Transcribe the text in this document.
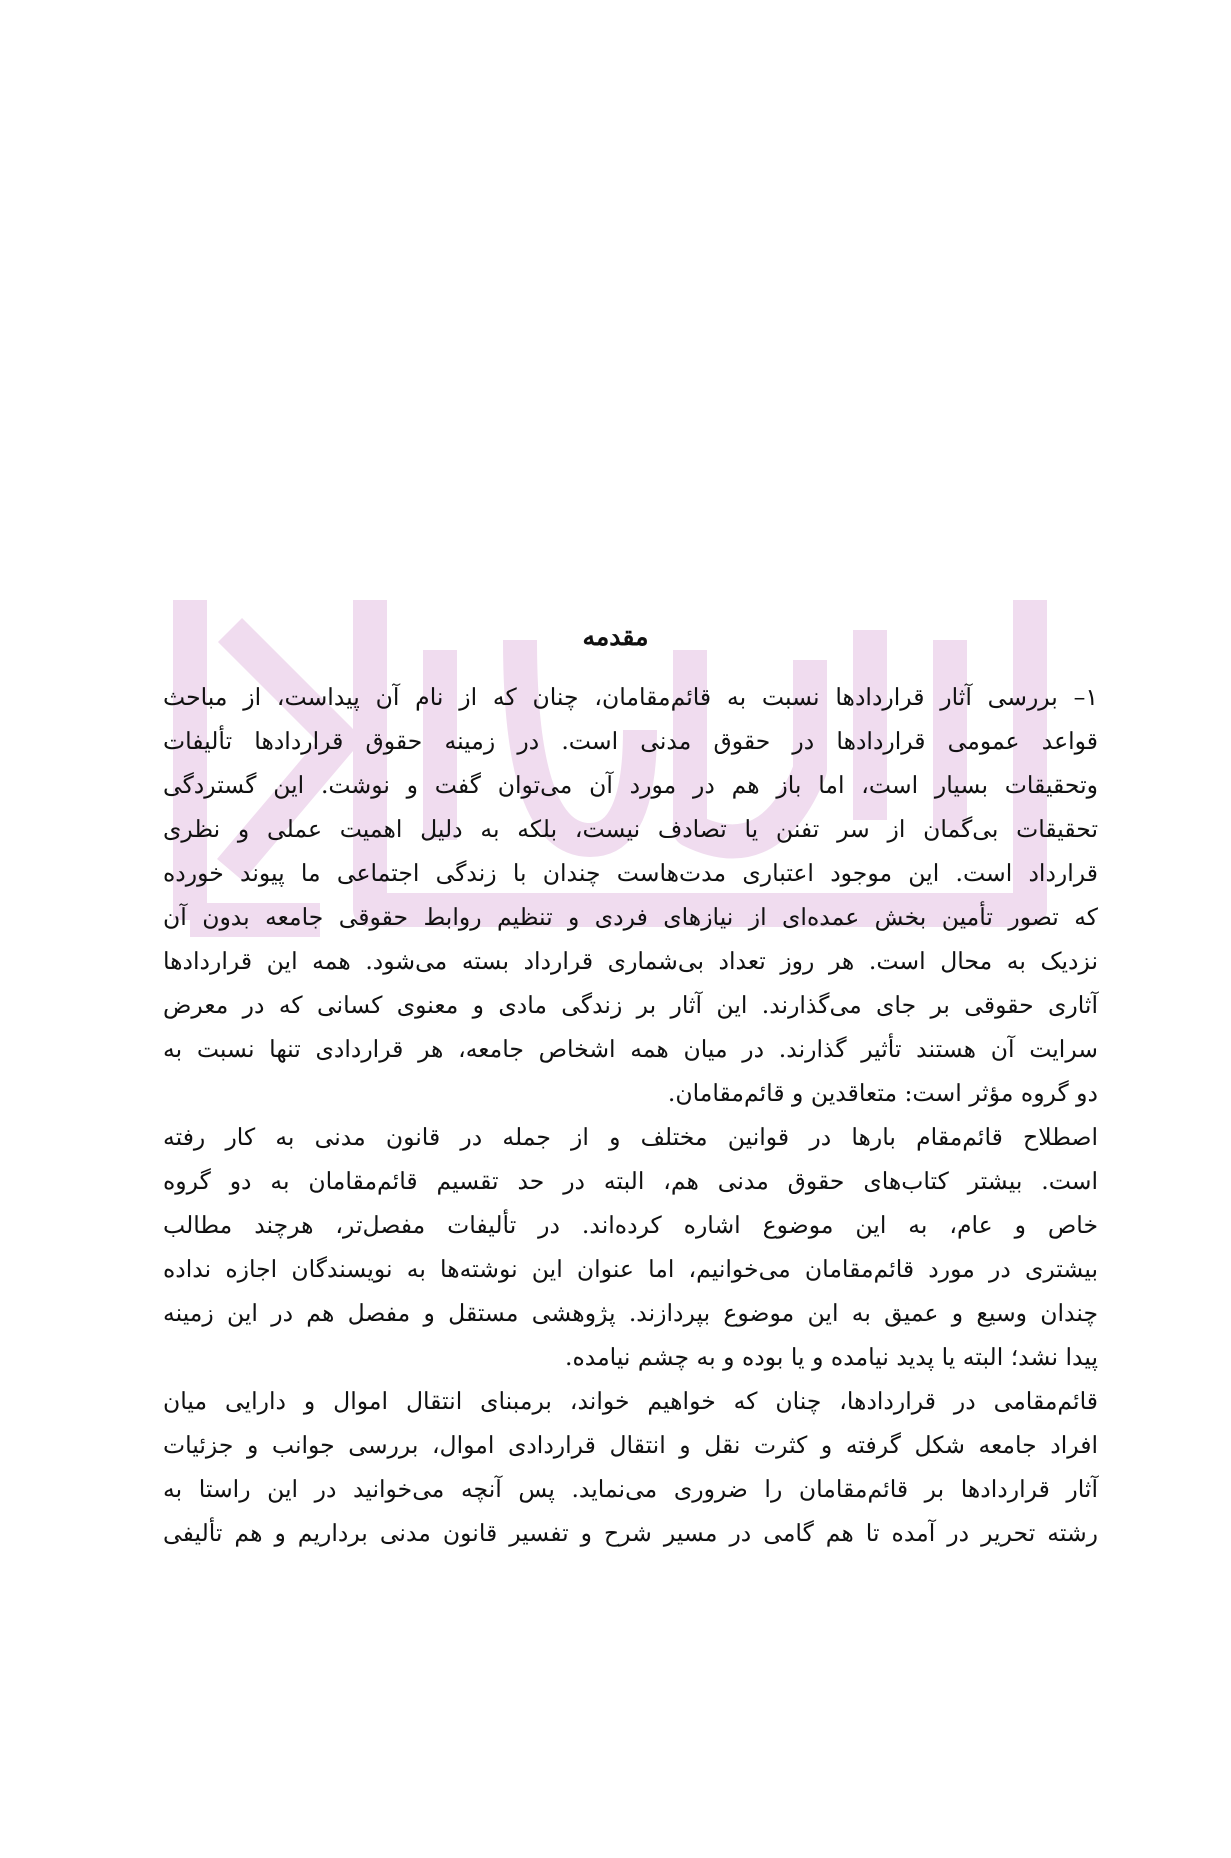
مقدمه
۱– بررسی آثار قراردادها نسبت به قائم‌مقامان، چنان که از نام آن پیداست، از مباحث
قواعد عمومی قراردادها در حقوق مدنی است. در زمینه حقوق قراردادها تألیفات
وتحقیقات بسیار است، اما باز هم در مورد آن می‌توان گفت و نوشت. این گستردگی
تحقیقات بی‌گمان از سر تفنن یا تصادف نیست، بلکه به دلیل اهمیت عملی و نظری
قرارداد است. این موجود اعتباری مدت‌هاست چندان با زندگی اجتماعی ما پیوند خورده
که تصور تأمین بخش عمده‌ای از نیازهای فردی و تنظیم روابط حقوقی جامعه بدون آن
نزدیک به محال است. هر روز تعداد بی‌شماری قرارداد بسته می‌شود. همه این قراردادها
آثاری حقوقی بر جای می‌گذارند. این آثار بر زندگی مادی و معنوی کسانی که در معرض
سرایت آن هستند تأثیر گذارند. در میان همه اشخاص جامعه، هر قراردادی تنها نسبت به
دو گروه مؤثر است: متعاقدین و قائم‌مقامان.
اصطلاح قائم‌مقام بارها در قوانین مختلف و از جمله در قانون مدنی به کار رفته
است. بیشتر کتاب‌های حقوق مدنی هم، البته در حد تقسیم قائم‌مقامان به دو گروه
خاص و عام، به این موضوع اشاره کرده‌اند. در تألیفات مفصل‌تر، هرچند مطالب
بیشتری در مورد قائم‌مقامان می‌خوانیم، اما عنوان این نوشته‌ها به نویسندگان اجازه نداده
چندان وسیع و عمیق به این موضوع بپردازند. پژوهشی مستقل و مفصل هم در این زمینه
پیدا نشد؛ البته یا پدید نیامده و یا بوده و به چشم نیامده.
قائم‌مقامی در قراردادها، چنان که خواهیم خواند، برمبنای انتقال اموال و دارایی میان
افراد جامعه شکل گرفته و کثرت نقل و انتقال قراردادی اموال، بررسی جوانب و جزئیات
آثار قراردادها بر قائم‌مقامان را ضروری می‌نماید. پس آنچه می‌خوانید در این راستا به
رشته تحریر در آمده تا هم گامی در مسیر شرح و تفسیر قانون مدنی برداریم و هم تألیفی
